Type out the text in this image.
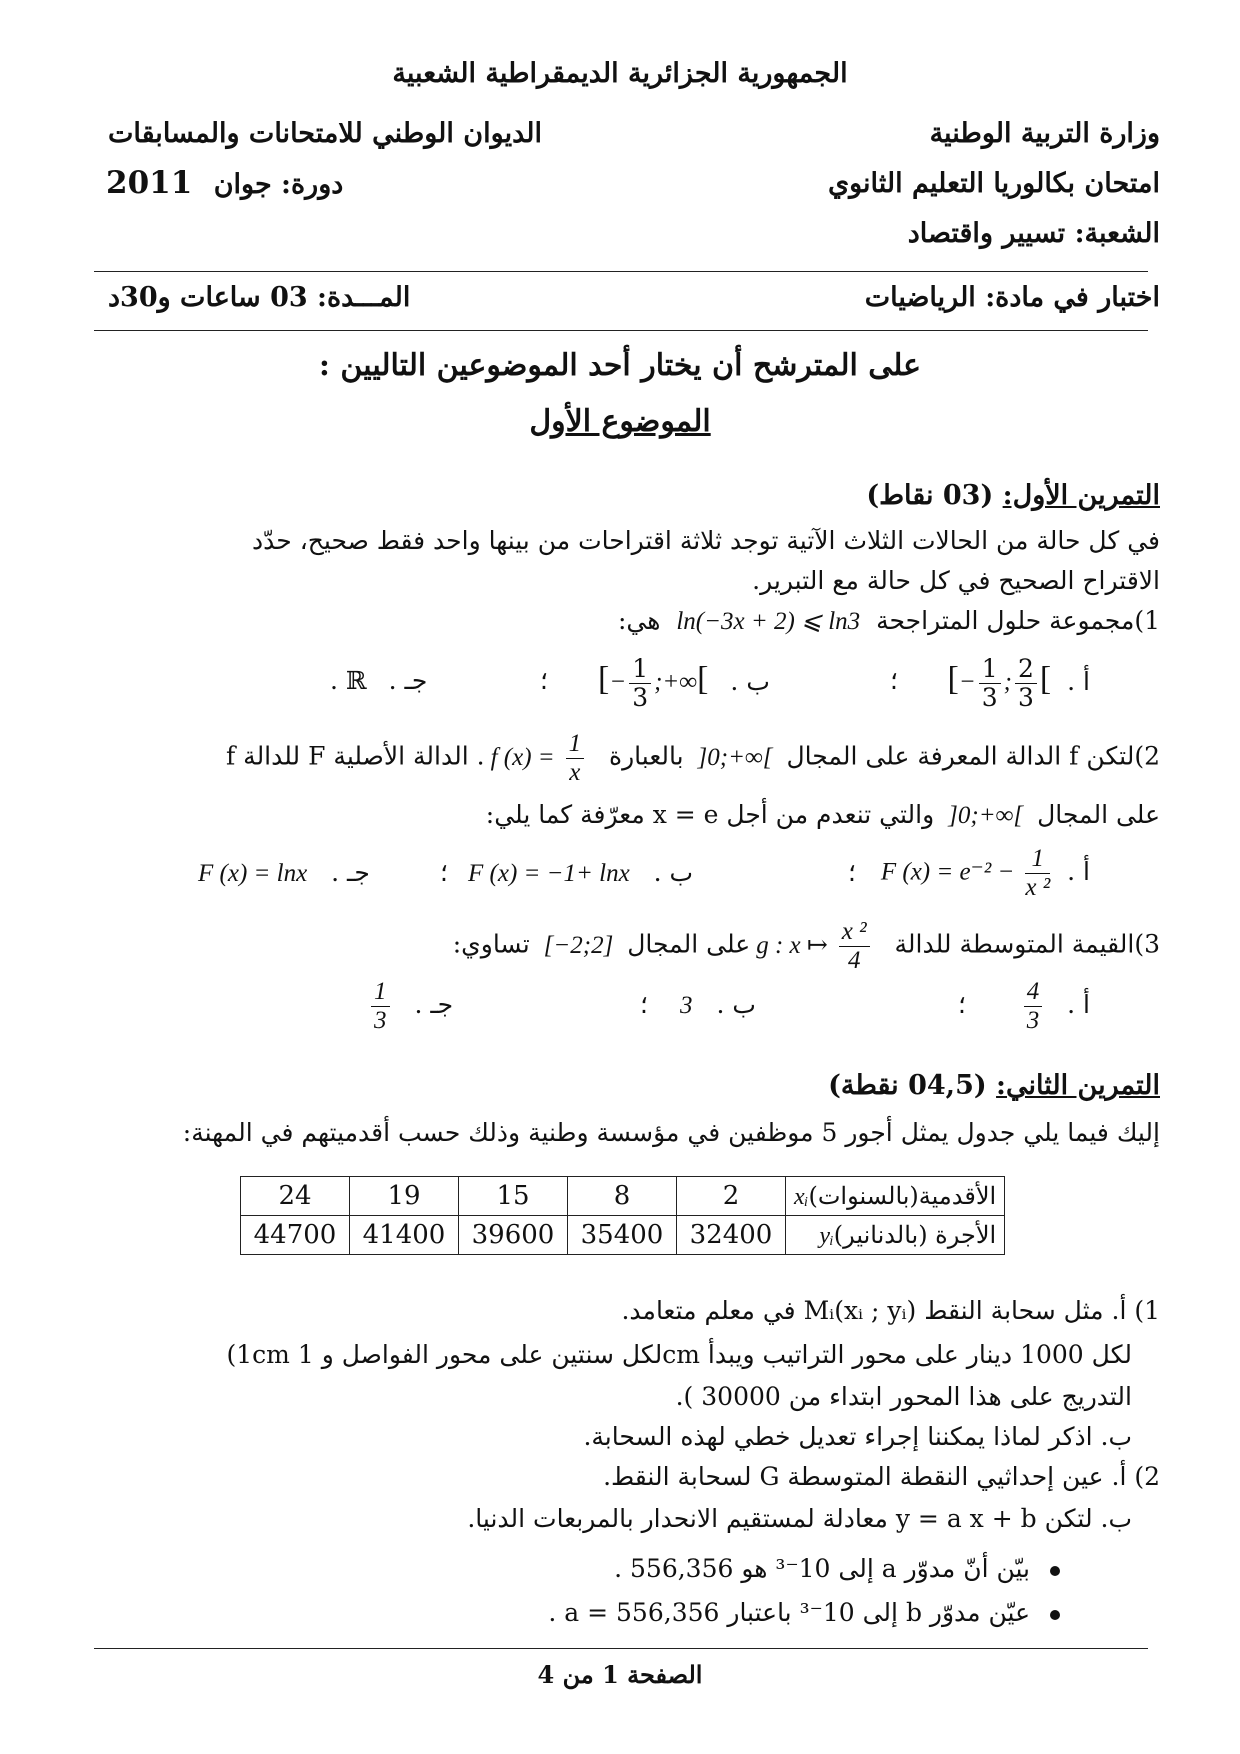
الجمهورية الجزائرية الديمقراطية الشعبية
وزارة التربية الوطنية
الديوان الوطني للامتحانات والمسابقات
امتحان بكالوريا التعليم الثانوي
2011 دورة: جوان
الشعبة: تسيير واقتصاد
اختبار في مادة: الرياضيات
المـــدة: 03 ساعات و30د
على المترشح أن يختار أحد الموضوعين التاليين :
الموضوع الأول
التمرين الأول: (03 نقاط)
في كل حالة من الحالات الثلاث الآتية توجد ثلاثة اقتراحات من بينها واحد فقط صحيح، حدّد
الاقتراح الصحيح في كل حالة مع التبرير.
1)مجموعة حلول المتراجحة ln(−3x + 2) ⩽ ln3 هي:
[− $\frac{1}{3}$ ; $\frac{2}{3}$ [ أ .
؛
[− $\frac{1}{3}$ ;+∞[ ب .
؛
. ℝ جـ .
2)لتكن f الدالة المعرفة على المجال ]0;+∞[ بالعبارة f $(x) = \frac{1}{x}$
. الدالة الأصلية F للدالة f
على المجال ]0;+∞[ والتي تنعدم من أجل x = e معرّفة كما يلي:
F $(x) = e^{-2} - \frac{1}{\text{x ²}}$ أ .
؛
F (x) = −1+ lnx ب .
؛
F (x) = lnx جـ .
3)القيمة المتوسطة للدالة g : x ↦ $\frac{\text{x ²}}{4}$
على المجال [−2;2] تساوي:
$\frac{4}{3}$ أ .
؛
3 ب .
؛
$\frac{1}{3}$ جـ .
التمرين الثاني: (04,5 نقطة)
إليك فيما يلي جدول يمثل أجور 5 موظفين في مؤسسة وطنية وذلك حسب أقدميتهم في المهنة:
الأقدمية(بالسنوات)xᵢ	2	8	15	19	24
الأجرة (بالدنانير)yᵢ	32400	35400	39600	41400	44700
1) أ. مثل سحابة النقط Mᵢ(xᵢ ; yᵢ) في معلم متعامد.
(1cm لكل سنتين على محور الفواصل و 1cm لكل 1000 دينار على محور التراتيب ويبدأ
التدريج على هذا المحور ابتداء من 30000 ).
ب. اذكر لماذا يمكننا إجراء تعديل خطي لهذه السحابة.
2) أ. عين إحداثيي النقطة المتوسطة G لسحابة النقط.
ب. لتكن y = a x + b معادلة لمستقيم الانحدار بالمربعات الدنيا.
بيّن أنّ مدوّر a إلى 10⁻³ هو 556,356 .
عيّن مدوّر b إلى 10⁻³ باعتبار a = 556,356 .
الصفحة 1 من 4
